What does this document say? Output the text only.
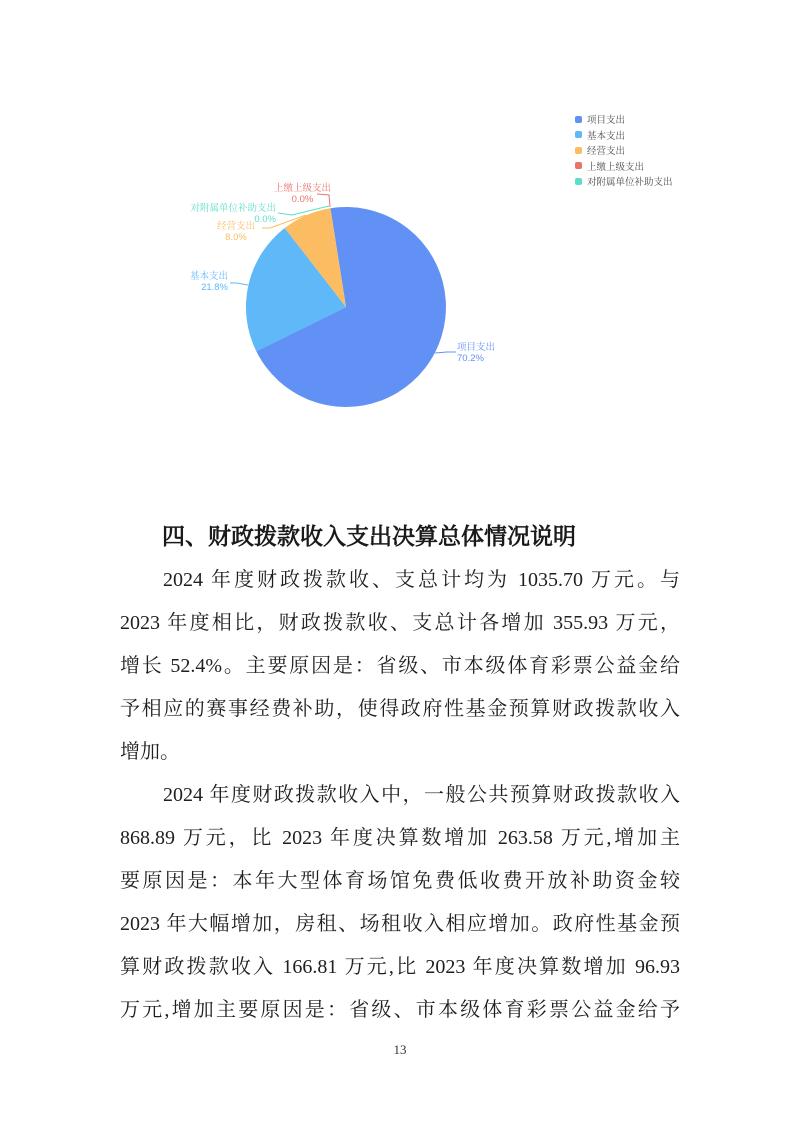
项目支出
70.2%
基本支出
21.8%
经营支出
8.0%
上缴上级支出
0.0%
对附属单位补助支出
0.0%
项目支出
基本支出
经营支出
上缴上级支出
对附属单位补助支出
四、财政拨款收入支出决算总体情况说明
2024 年度财政拨款收、支总计均为 1035.70 万元。与
2023 年度相比，财政拨款收、支总计各增加 355.93 万元，
增长 52.4%。主要原因是：省级、市本级体育彩票公益金给
予相应的赛事经费补助，使得政府性基金预算财政拨款收入
增加。
2024 年度财政拨款收入中，一般公共预算财政拨款收入
868.89 万元，比 2023 年度决算数增加 263.58 万元,增加主
要原因是：本年大型体育场馆免费低收费开放补助资金较
2023 年大幅增加，房租、场租收入相应增加。政府性基金预
算财政拨款收入 166.81 万元,比 2023 年度决算数增加 96.93
万元,增加主要原因是：省级、市本级体育彩票公益金给予
13
